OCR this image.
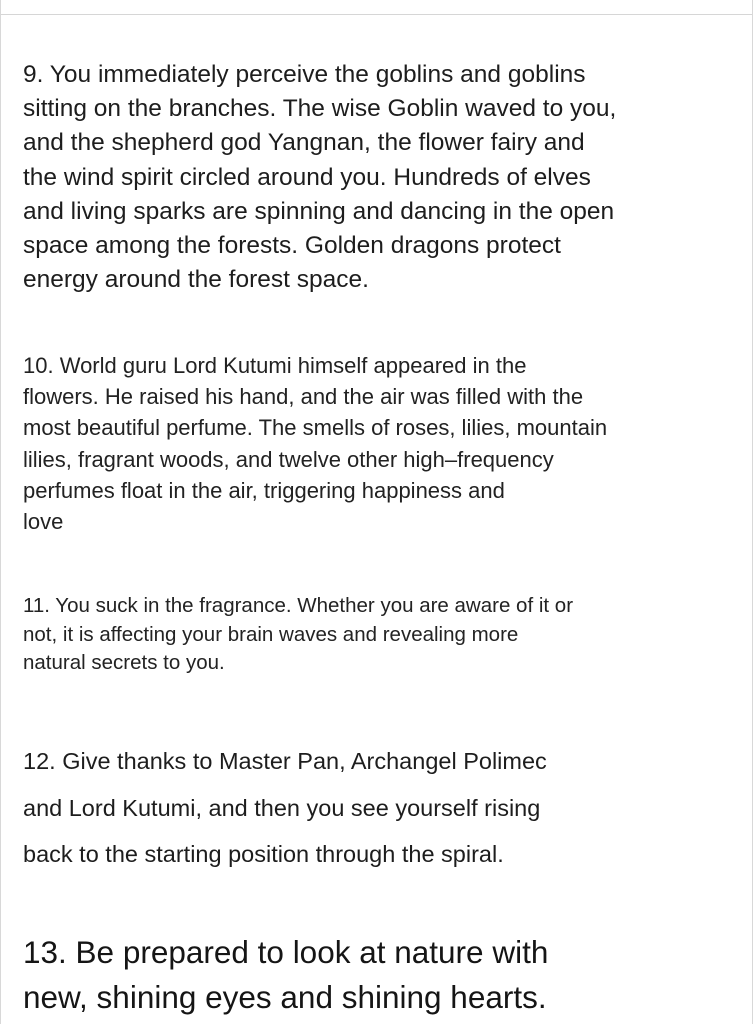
9. You immediately perceive the goblins and goblins
sitting on the branches. The wise Goblin waved to you,
and the shepherd god Yangnan, the flower fairy and
the wind spirit circled around you. Hundreds of elves
and living sparks are spinning and dancing in the open
space among the forests. Golden dragons protect
energy around the forest space.

10. World guru Lord Kutumi himself appeared in the
flowers. He raised his hand, and the air was filled with the
most beautiful perfume. The smells of roses, lilies, mountain
lilies, fragrant woods, and twelve other high–frequency
perfumes float in the air, triggering happiness and
love

11. You suck in the fragrance. Whether you are aware of it or
not, it is affecting your brain waves and revealing more
natural secrets to you.

12. Give thanks to Master Pan, Archangel Polimec
and Lord Kutumi, and then you see yourself rising
back to the starting position through the spiral.

13. Be prepared to look at nature with
new, shining eyes and shining hearts.
